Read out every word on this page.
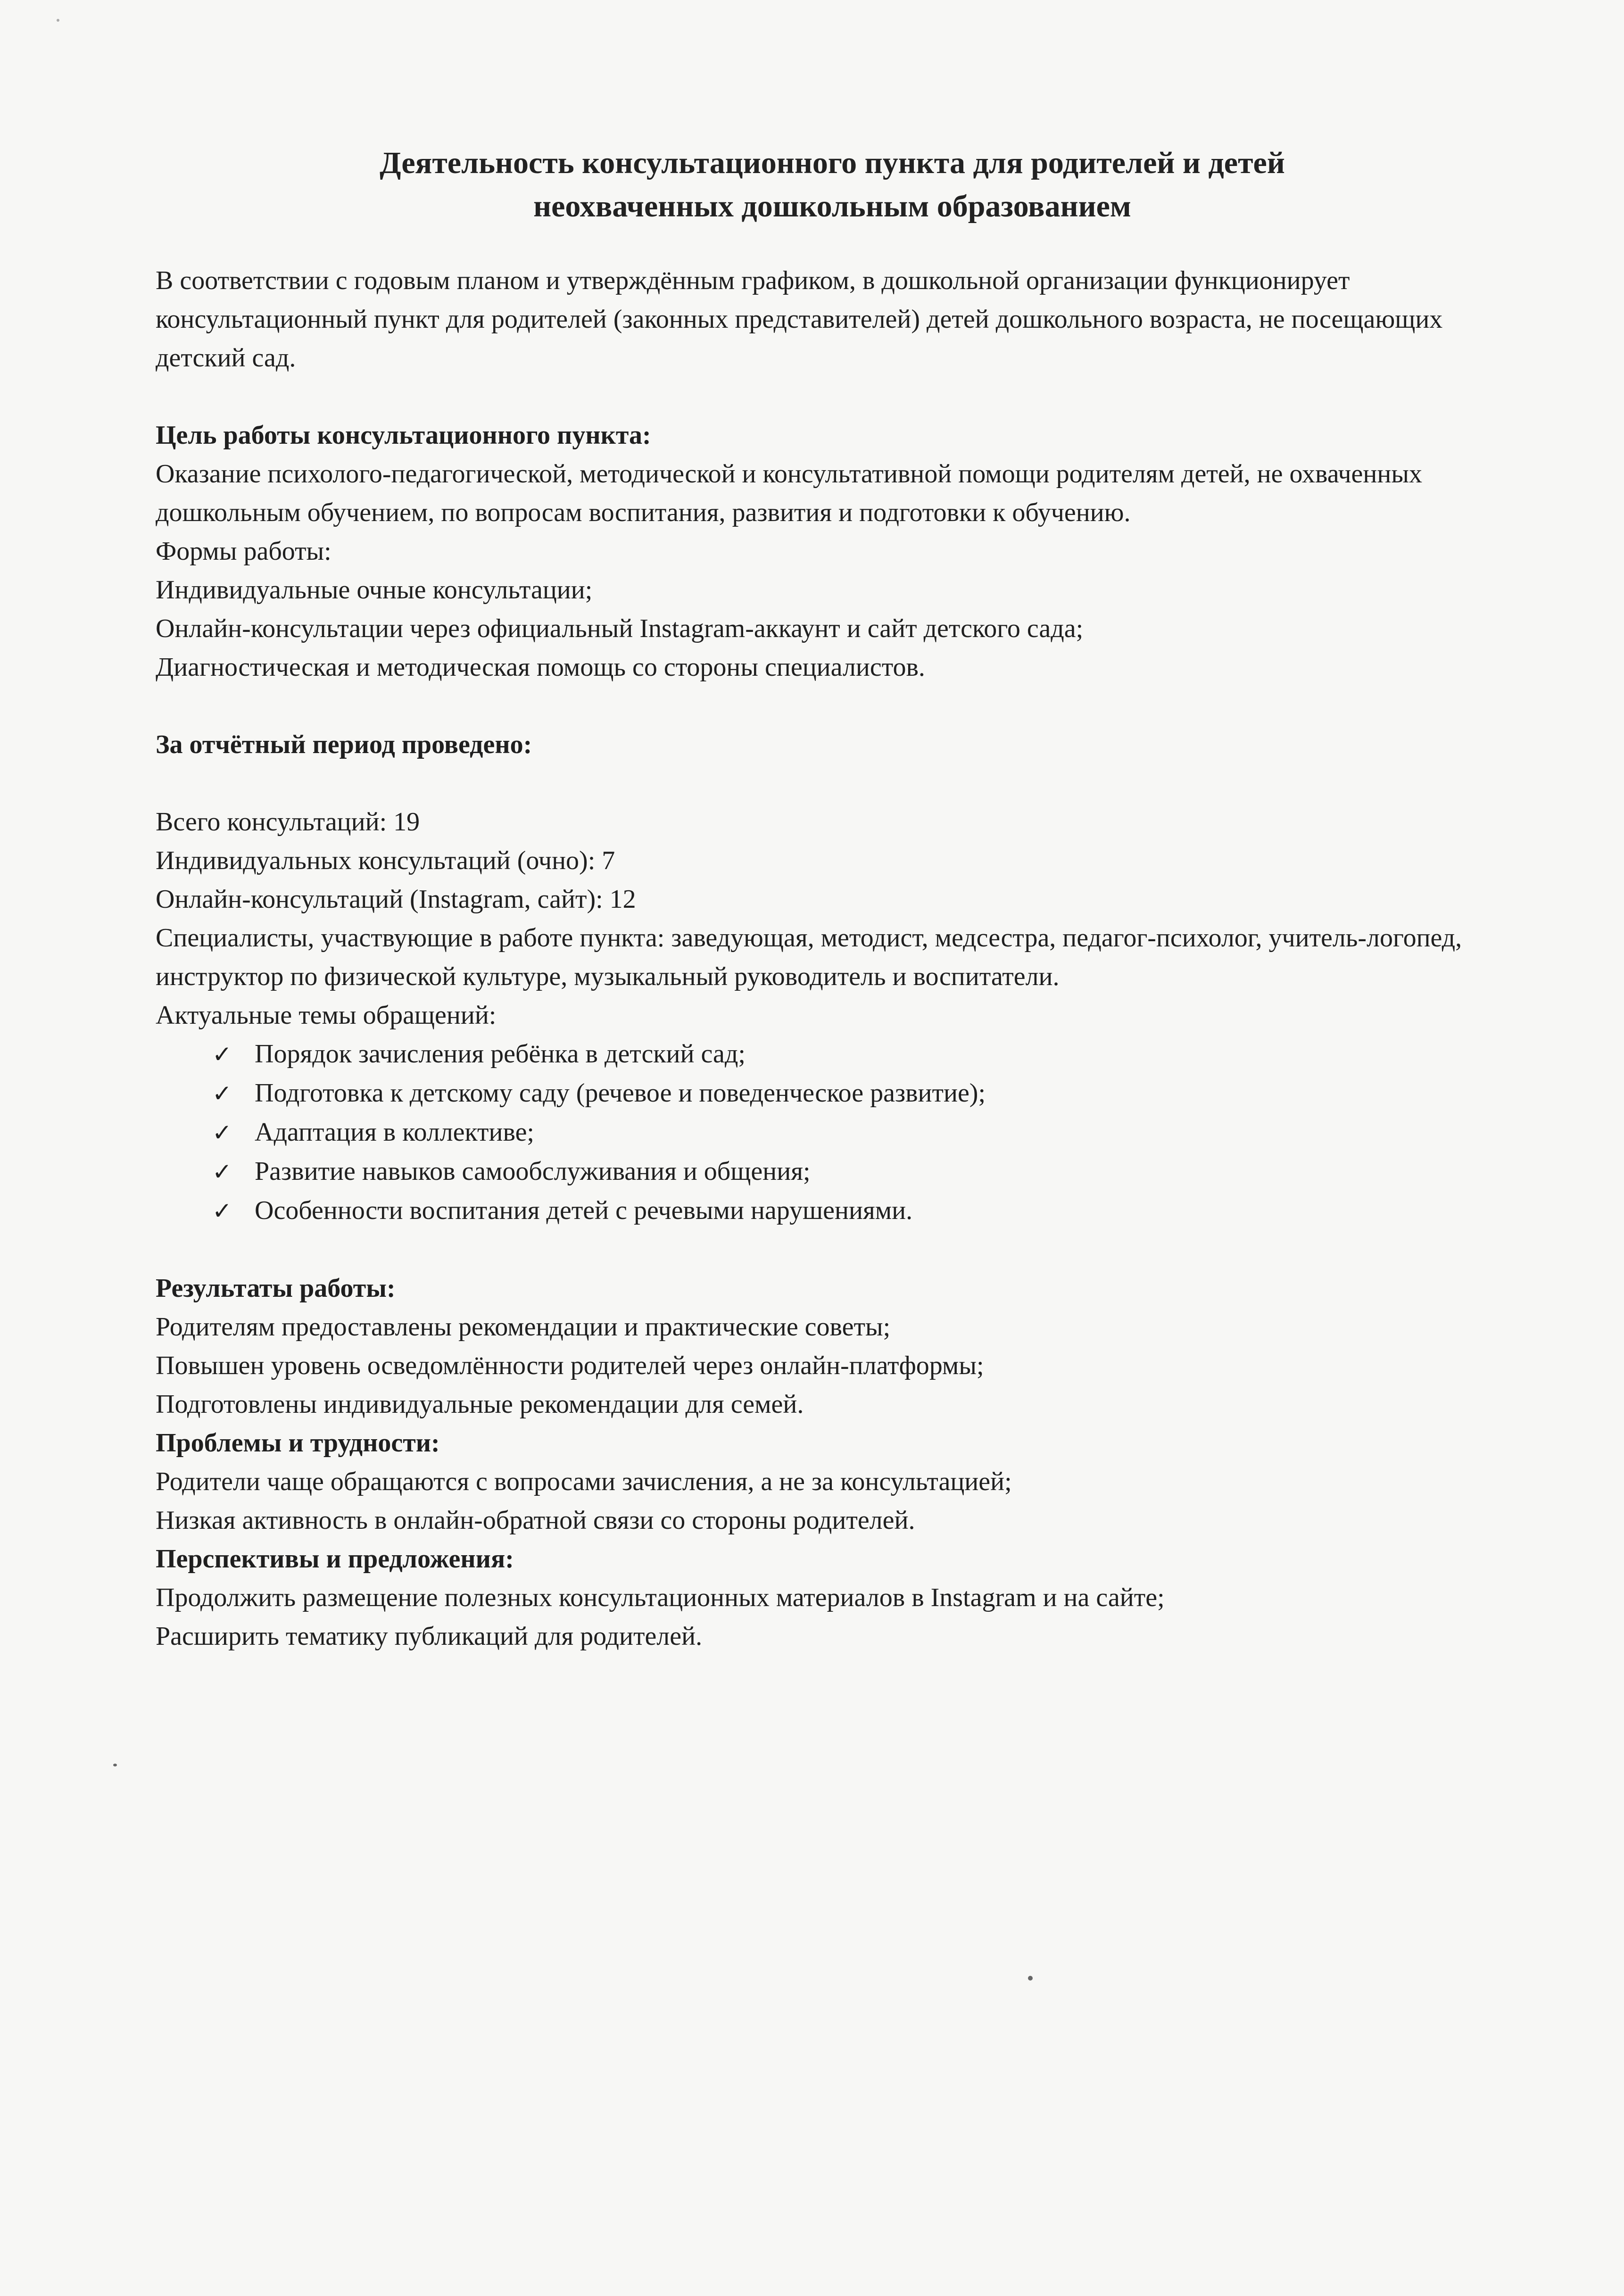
Деятельность консультационного пункта для родителей и детей
неохваченных дошкольным образованием

В соответствии с годовым планом и утверждённым графиком, в дошкольной организации функционирует консультационный пункт для родителей (законных представителей) детей дошкольного возраста, не посещающих детский сад.

Цель работы консультационного пункта:

Оказание психолого-педагогической, методической и консультативной помощи родителям детей, не охваченных дошкольным обучением, по вопросам воспитания, развития и подготовки к обучению.

Формы работы:

Индивидуальные очные консультации;

Онлайн-консультации через официальный Instagram-аккаунт и сайт детского сада;

Диагностическая и методическая помощь со стороны специалистов.

За отчётный период проведено:

Всего консультаций: 19

Индивидуальных консультаций (очно): 7

Онлайн-консультаций (Instagram, сайт): 12

Специалисты, участвующие в работе пункта: заведующая, методист, медсестра, педагог-психолог, учитель-логопед, инструктор по физической культуре, музыкальный руководитель и воспитатели.

Актуальные темы обращений:

✓ Порядок зачисления ребёнка в детский сад;
✓ Подготовка к детскому саду (речевое и поведенческое развитие);
✓ Адаптация в коллективе;
✓ Развитие навыков самообслуживания и общения;
✓ Особенности воспитания детей с речевыми нарушениями.

Результаты работы:

Родителям предоставлены рекомендации и практические советы;

Повышен уровень осведомлённости родителей через онлайн-платформы;

Подготовлены индивидуальные рекомендации для семей.

Проблемы и трудности:

Родители чаще обращаются с вопросами зачисления, а не за консультацией;

Низкая активность в онлайн-обратной связи со стороны родителей.

Перспективы и предложения:

Продолжить размещение полезных консультационных материалов в Instagram и на сайте;

Расширить тематику публикаций для родителей.
